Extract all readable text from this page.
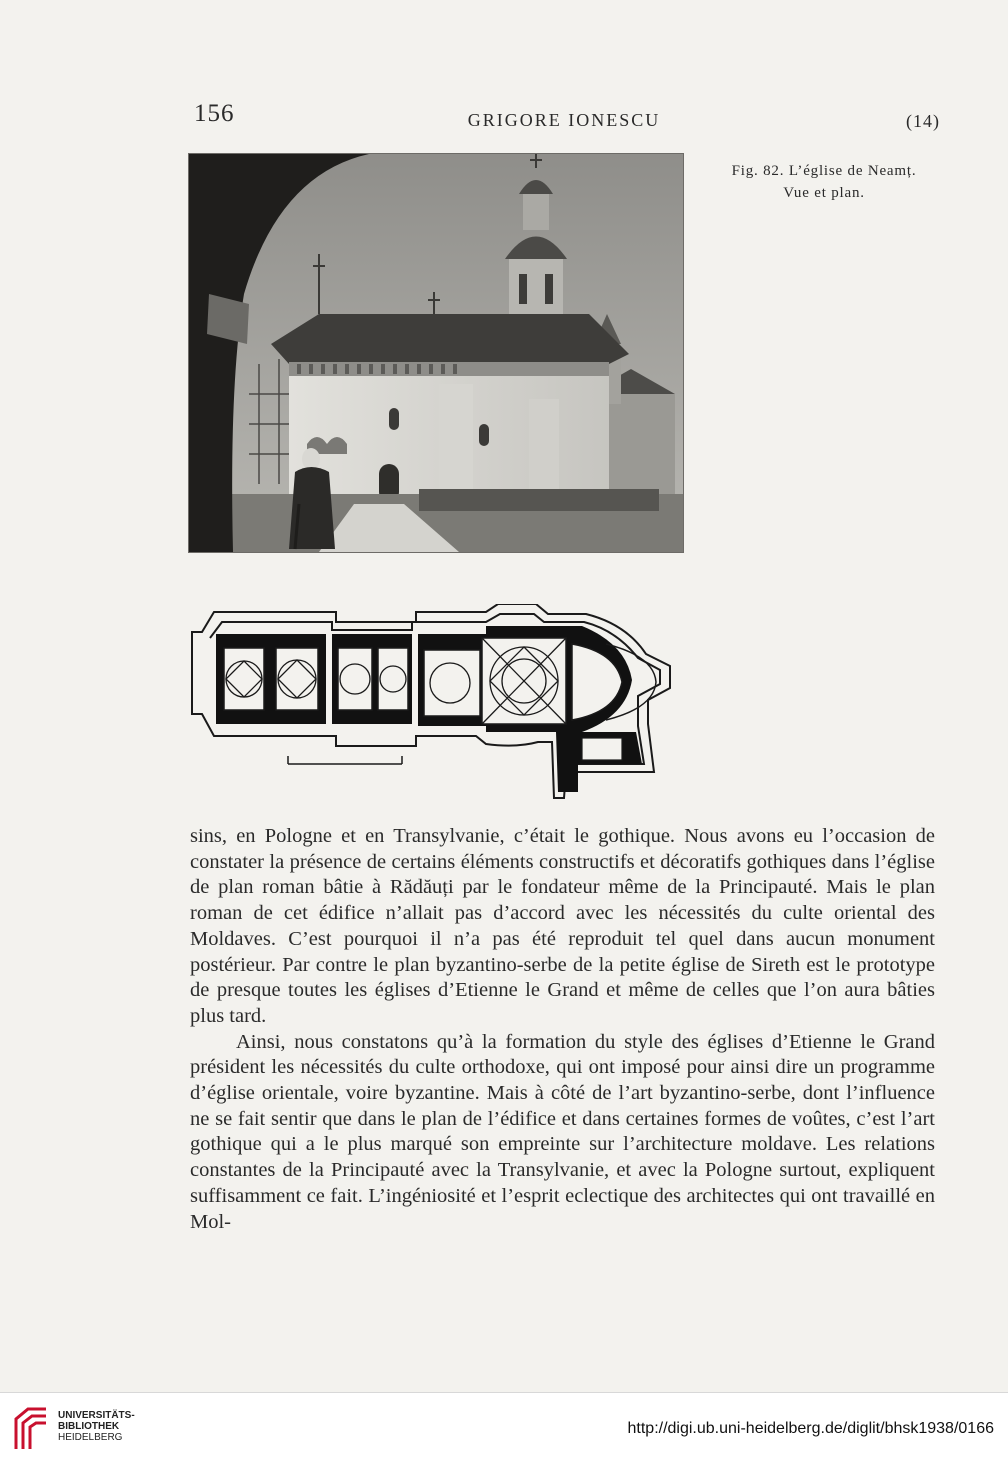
156	GRIGORE IONESCU	(14)
Fig. 82. L’église de Neamț.
Vue et plan.

sins, en Pologne et en Transylvanie, c’était le gothique. Nous avons eu l’occasion de constater la présence de certains éléments constructifs et décoratifs gothiques dans l’église de plan roman bâtie à Rădăuți par le fondateur même de la Principauté. Mais le plan roman de cet édifice n’allait pas d’accord avec les nécessités du culte oriental des Moldaves. C’est pourquoi il n’a pas été reproduit tel quel dans aucun monument postérieur. Par contre le plan byzantino-serbe de la petite église de Sireth est le prototype de presque toutes les églises d’Etienne le Grand et même de celles que l’on aura bâties plus tard.

Ainsi, nous constatons qu’à la formation du style des églises d’Etienne le Grand président les nécessités du culte orthodoxe, qui ont imposé pour ainsi dire un programme d’église orientale, voire byzantine. Mais à côté de l’art byzantino-serbe, dont l’influence ne se fait sentir que dans le plan de l’édifice et dans certaines formes de voûtes, c’est l’art gothique qui a le plus marqué son empreinte sur l’architecture moldave. Les relations constantes de la Principauté avec la Transylvanie, et avec la Pologne surtout, expliquent suffisamment ce fait. L’ingéniosité et l’esprit eclectique des architectes qui ont travaillé en Mol-

UNIVERSITÄTS-
BIBLIOTHEK
HEIDELBERG
http://digi.ub.uni-heidelberg.de/diglit/bhsk1938/0166
